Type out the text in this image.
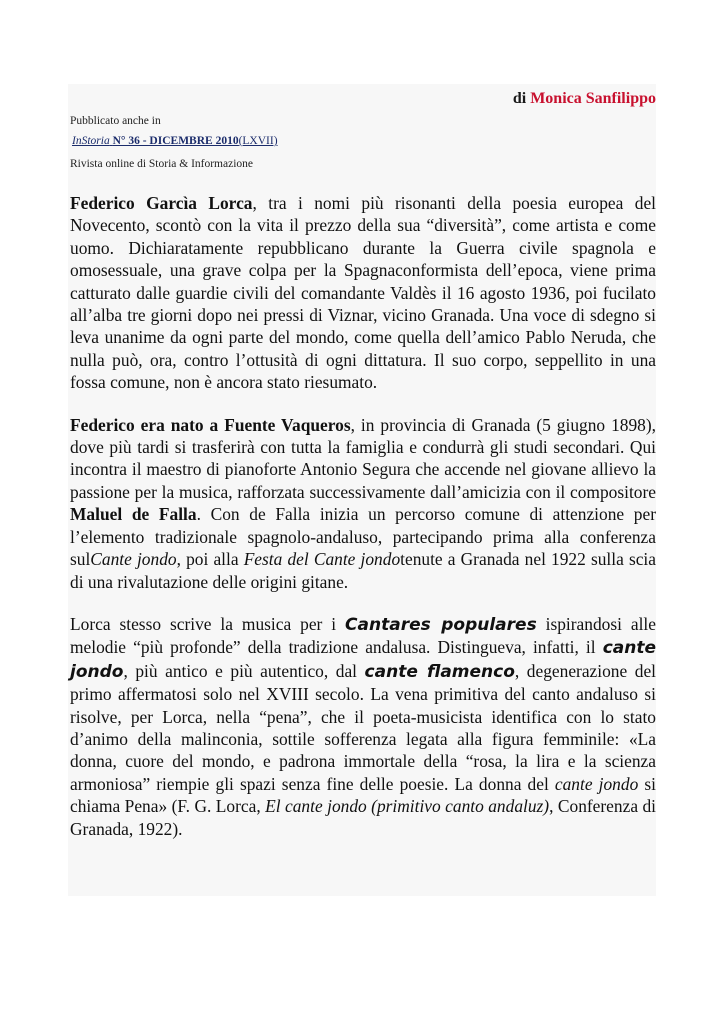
di Monica Sanfilippo
Pubblicato anche in
InStoria N° 36 - DICEMBRE 2010(LXVII)
Rivista online di Storia & Informazione

Federico Garcìa Lorca, tra i nomi più risonanti della poesia europea del Novecento, scontò con la vita il prezzo della sua “diversità”, come artista e come uomo. Dichiaratamente repubblicano durante la Guerra civile spagnola e omosessuale, una grave colpa per la Spagnaconformista dell’epoca, viene prima catturato dalle guardie civili del comandante Valdès il 16 agosto 1936, poi fucilato all’alba tre giorni dopo nei pressi di Viznar, vicino Granada. Una voce di sdegno si leva unanime da ogni parte del mondo, come quella dell’amico Pablo Neruda, che nulla può, ora, contro l’ottusità di ogni dittatura. Il suo corpo, seppellito in una fossa comune, non è ancora stato riesumato.

Federico era nato a Fuente Vaqueros, in provincia di Granada (5 giugno 1898), dove più tardi si trasferirà con tutta la famiglia e condurrà gli studi secondari. Qui incontra il maestro di pianoforte Antonio Segura che accende nel giovane allievo la passione per la musica, rafforzata successivamente dall’amicizia con il compositore Maluel de Falla. Con de Falla inizia un percorso comune di attenzione per l’elemento tradizionale spagnolo-andaluso, partecipando prima alla conferenza sulCante jondo, poi alla Festa del Cante jondotenute a Granada nel 1922 sulla scia di una rivalutazione delle origini gitane.

Lorca stesso scrive la musica per i Cantares populares ispirandosi alle melodie “più profonde” della tradizione andalusa. Distingueva, infatti, il cante jondo, più antico e più autentico, dal cante flamenco, degenerazione del primo affermatosi solo nel XVIII secolo. La vena primitiva del canto andaluso si risolve, per Lorca, nella “pena”, che il poeta-musicista identifica con lo stato d’animo della malinconia, sottile sofferenza legata alla figura femminile: «La donna, cuore del mondo, e padrona immortale della “rosa, la lira e la scienza armoniosa” riempie gli spazi senza fine delle poesie. La donna del cante jondo si chiama Pena» (F. G. Lorca, El cante jondo (primitivo canto andaluz), Conferenza di Granada, 1922).
